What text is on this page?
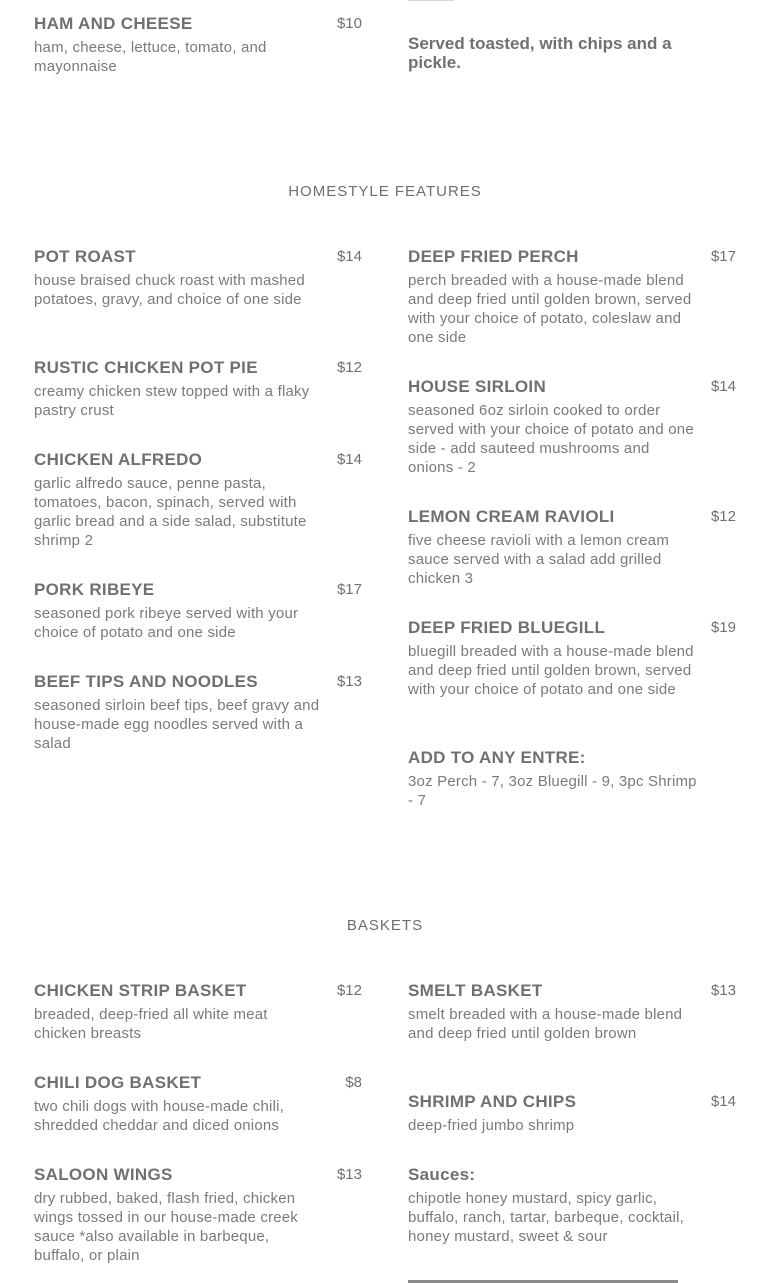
HAM AND CHEESE	$10
ham, cheese, lettuce, tomato, and mayonnaise
Served toasted, with chips and a pickle.
HOMESTYLE FEATURES
POT ROAST	$14
house braised chuck roast with mashed potatoes, gravy, and choice of one side
RUSTIC CHICKEN POT PIE	$12
creamy chicken stew topped with a flaky pastry crust
CHICKEN ALFREDO	$14
garlic alfredo sauce, penne pasta, tomatoes, bacon, spinach, served with garlic bread and a side salad, substitute shrimp 2
PORK RIBEYE	$17
seasoned pork ribeye served with your choice of potato and one side
BEEF TIPS AND NOODLES	$13
seasoned sirloin beef tips, beef gravy and house-made egg noodles served with a salad
DEEP FRIED PERCH	$17
perch breaded with a house-made blend and deep fried until golden brown, served with your choice of potato, coleslaw and one side
HOUSE SIRLOIN	$14
seasoned 6oz sirloin cooked to order served with your choice of potato and one side - add sauteed mushrooms and onions - 2
LEMON CREAM RAVIOLI	$12
five cheese ravioli with a lemon cream sauce served with a salad add grilled chicken 3
DEEP FRIED BLUEGILL	$19
bluegill breaded with a house-made blend and deep fried until golden brown, served with your choice of potato and one side
ADD TO ANY ENTRE:
3oz Perch - 7, 3oz Bluegill - 9, 3pc Shrimp - 7
BASKETS
CHICKEN STRIP BASKET	$12
breaded, deep-fried all white meat chicken breasts
CHILI DOG BASKET	$8
two chili dogs with house-made chili, shredded cheddar and diced onions
SALOON WINGS	$13
dry rubbed, baked, flash fried, chicken wings tossed in our house-made creek sauce *also available in barbeque, buffalo, or plain
SMELT BASKET	$13
smelt breaded with a house-made blend and deep fried until golden brown
SHRIMP AND CHIPS	$14
deep-fried jumbo shrimp
Sauces:
chipotle honey mustard, spicy garlic, buffalo, ranch, tartar, barbeque, cocktail, honey mustard, sweet & sour
